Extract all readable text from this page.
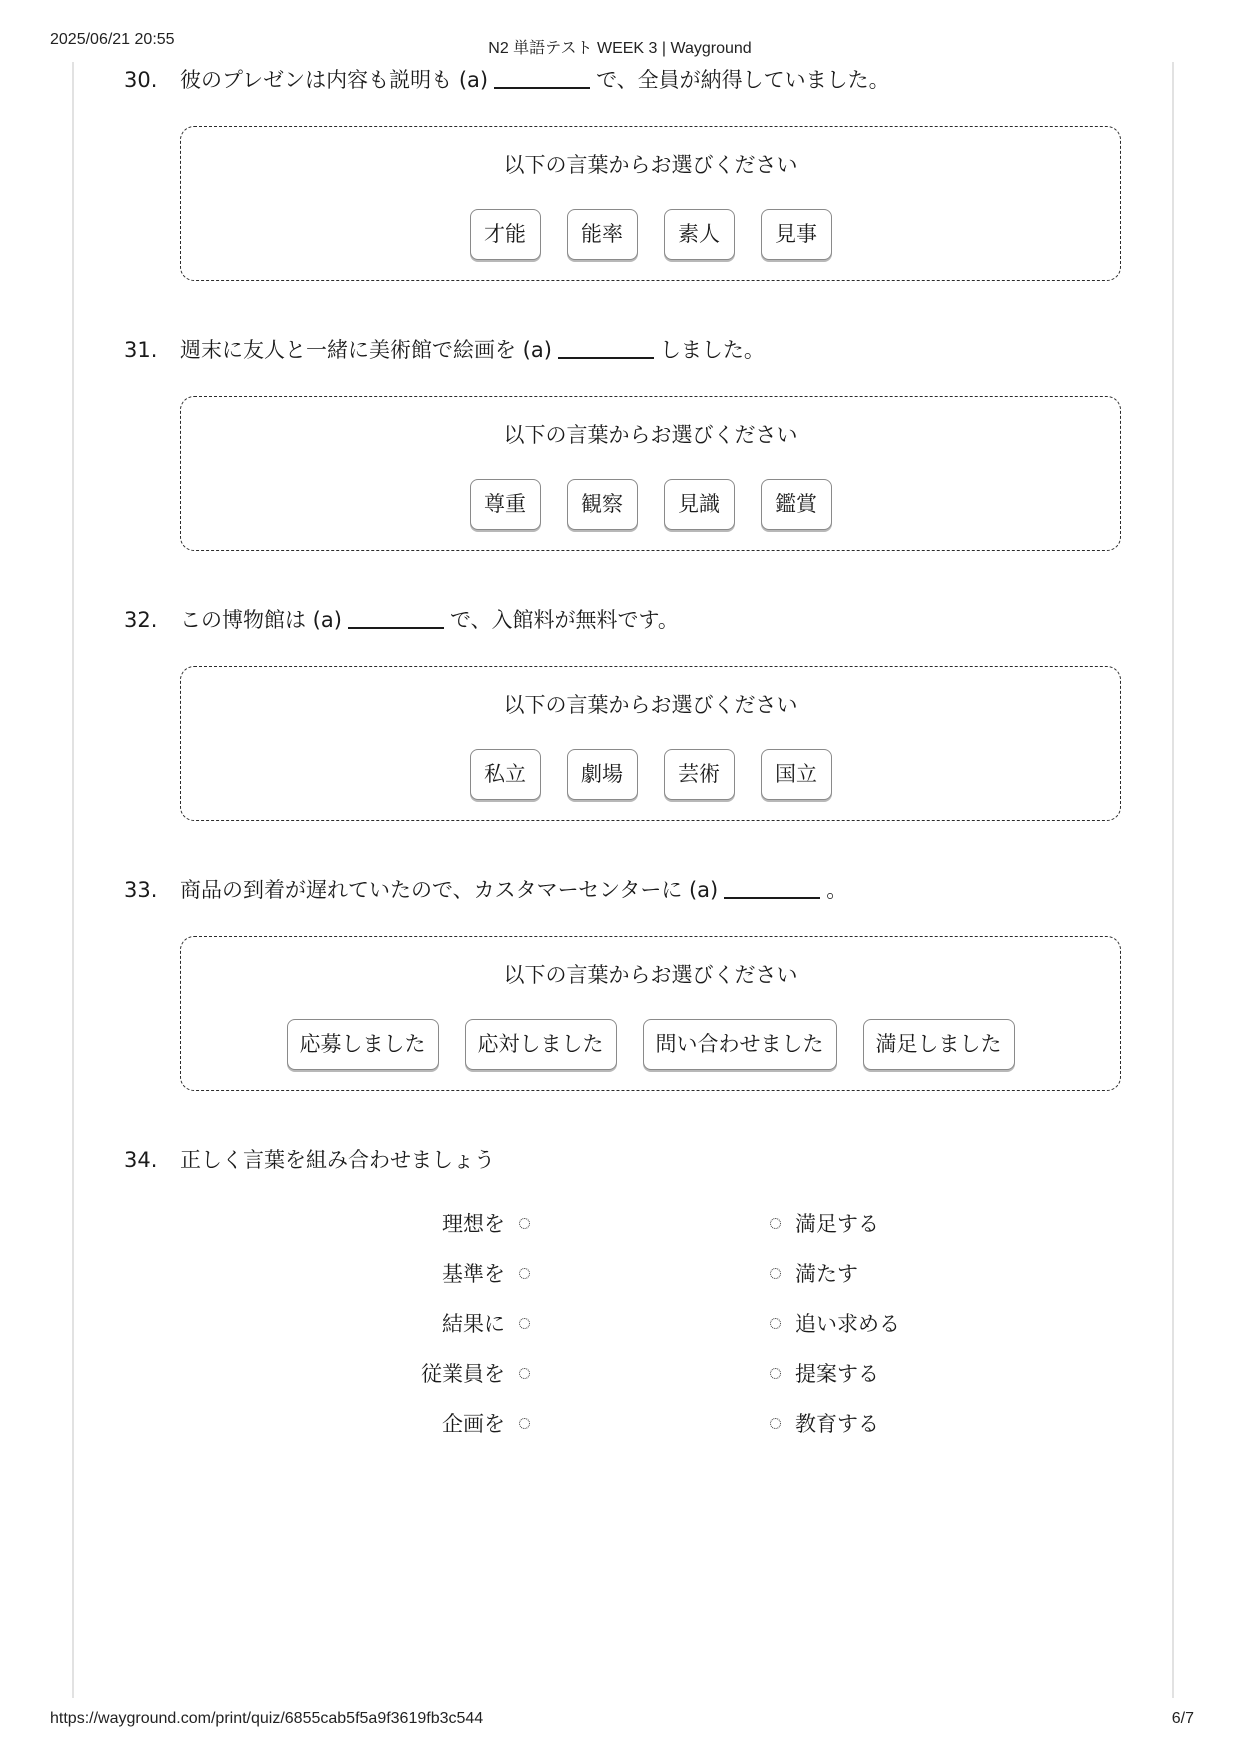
2025/06/21 20:55
N2 単語テスト WEEK 3 | Wayground
30. 彼のプレゼンは内容も説明も (a)	で、全員が納得していました。
以下の言葉からお選びください
才能	能率	素人	見事
31. 週末に友人と一緒に美術館で絵画を (a)	しました。
以下の言葉からお選びください
尊重	観察	見識	鑑賞
32. この博物館は (a)	で、入館料が無料です。
以下の言葉からお選びください
私立	劇場	芸術	国立
33. 商品の到着が遅れていたので、カスタマーセンターに (a)	。
以下の言葉からお選びください
応募しました	応対しました	問い合わせました	満足しました
34. 正しく言葉を組み合わせましょう
理想を	満足する
基準を	満たす
結果に	追い求める
従業員を	提案する
企画を	教育する
https://wayground.com/print/quiz/6855cab5f5a9f3619fb3c544	6/7
